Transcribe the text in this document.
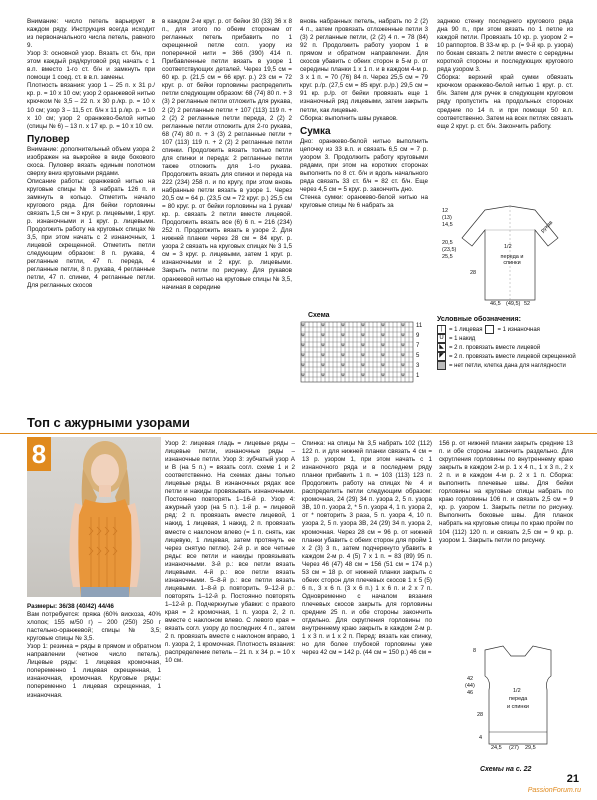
Внимание: число петель варьирует в каждом ряду. Инструкция всегда исходит из первоначального числа петель, равного 9.

Узор 3: основной узор. Вязать ст. б/н, при этом каждый ряд/круговой ряд начать с 1 в.п. вместо 1-го ст. б/н и замкнуть при помощи 1 соед. ст. в в.п. замены.

Плотность вязания: узор 1 – 25 п. х 31 р./кр. р. = 10 х 10 см; узор 2 оранжевой нитью крючком № 3,5 – 22 п. х 30 р./кр. р. = 10 х 10 см; узор 3 – 11,5 ст. б/н х 11 р./кр. р. = 10 х 10 см; узор 2 оранжево-белой нитью (спицы № 6) – 13 п. х 17 кр. р. = 10 х 10 см.

Пуловер

Внимание: дополнительный объем узора 2 изображен на выкройке в виде бокового скоса. Пуловер вязать единым полотном сверху вниз круговыми рядами.

Описание работы: оранжевой нитью на круговые спицы № 3 набрать 126 п. и замкнуть в кольцо. Отметить начало кругового ряда. Для бейки горловины связать 1,5 см = 3 круг. р. лицевыми, 1 круг. р. изнаночными и 1 круг. р. лицевыми. Продолжить работу на круговых спицах № 3,5, при этом начать с 2 изнаночных, 1 лицевой скрещенной. Отметить петли следующим образом: 8 п. рукава, 4 регланные петли, 47 п. переда, 4 регланные петли, 8 п. рукава, 4 регланные петли, 47 п. спинки, 4 регланные петли. Для регланных скосов

в каждом 2-м круг. р. от бейки 30 (33) 36 х 8 п., для этого по обеим сторонам от регланных петель прибавить по 1 скрещенной петле согл. узору из поперечной нити = 366 (390) 414 п. Прибавленные петли вязать в узоре 1 соответствующих деталей. Через 19,5 см = 60 кр. р. (21,5 см = 66 круг. р.) 23 см = 72 круг. р. от бейки горловины распределить петли следующим образом: 68 (74) 80 п. + 3 (3) 2 регланные петли отложить для рукава, 2 (2) 2 регланные петли + 107 (113) 119 п. + 2 (2) 2 регланные петли переда, 2 (2) 2 регланные петли отложить для 2-го рукава, 68 (74) 80 п. + 3 (3) 2 регланные петли + 107 (113) 119 п. + 2 (2) 2 регланные петли спинки. Продолжить вязать только петли для спинки и переда: 2 регланные петли также отложить для 1-го рукава. Продолжить вязать для спинки и переда на 222 (234) 258 п. и по кругу, при этом вновь набранные петли вязать в узоре 1. Через 20,5 см = 64 р. (23,5 см = 72 круг. р.) 25,5 см = 80 круг. р. от бейки горловины на 1 рукав/кр. р. связать 2 петли вместе лицевой. Продолжить вязать все (6) 6 п. = 216 (234) 252 п. Продолжить вязать в узоре 2. Для нижней планки через 28 см = 84 круг. р. узора 2 связать на круговых спицах № 3 1,5 см = 3 круг. р. лицевыми, затем 1 круг. р. изнаночными и 2 круг. р. лицевыми. Закрыть петли по рисунку. Для рукавов оранжевой нитью на круговые спицы № 3,5, начиная в середине

вновь набранных петель, набрать по 2 (2) 4 п., затем провязать отложенные петли 3 (3) 2 регланные петли, (2 (2) 4 п. = 78 (84) 92 п. Продолжить работу узором 1 в прямом и обратном направлении. Для скосов убавить с обеих сторон в 5-м р. от середины планки 1 х 1 п. и в каждом 4-м р. 3 х 1 п. = 70 (76) 84 п. Через 25,5 см = 79 круг. р./р. (27,5 см = 85 круг. р./р.) 29,5 см = 91 кр. р./р. от бейки провязать еще 1 изнаночный ряд лицевыми, затем закрыть петли, как лицевые.

Сборка: выполнить швы рукавов.

Сумка

Дно: оранжево-белой нитью выполнить цепочку из 33 в.п. и связать 6,5 см = 7 р. узором 3. Продолжить работу круговыми рядами, при этом на коротких сторонах выполнить по 8 ст. б/н и вдоль начального ряда связать 33 ст. б/н = 82 ст. б/н. Еще через 4,5 см = 5 круг. р. закончить дно.

Стенка сумки: оранжево-белой нитью на круговые спицы № 6 набрать за

заднюю стенку последнего кругового ряда дна 90 п., при этом вязать по 1 петле из каждой петли. Провязать 10 кр. р. узором 2 = 10 раппортов. В 33-м кр. р. (= 9-й кр. р. узора) по бокам связать 2 петли вместе с середины короткой стороны и последующих кругового ряда узором 3.

Сборка: верхний край сумки обвязать крючком оранжево-белой нитью 1 круг. р. ст. б/н. Затем для ручек в следующем круговом ряду пропустить на продольных сторонах средние по 14 п. и при помощи 50 в.п. соответственно. Затем на всех петлях связать еще 2 круг. р. ст. б/н. Закончить работу.

1/2
переда и спинки
рукав
12
(13)
14,5
28
20,5
(23,5)
25,5
46,5 (49,5) 52
Схема
U	U	U	U	U	U
U	U	U	U	U	U
U	U	U	U	U	U
U	U	U	U	U	U
U	U	U	U	U	U
U	U	U	U	U	U
11
9
7
5
3
1
Условные обозначения:
|	= 1 лицевая	= 1 изнаночная
U = 1 накид
◣ = 2 п. провязать вместе лицевой
◤ = 2 п. провязать вместе лицевой скрещенной
= нет петли, клетка дана для наглядности
Топ с ажурными узорами
8

Размеры: 36/38 (40/42) 44/46

Вам потребуется: пряжа (60% вискоза, 40% хлопок; 155 м/50 г) – 200 (250) 250 г пастельно-оранжевой; спицы № 3,5; круговые спицы № 3,5.

Узор 1: резинка = ряды в прямом и обратном направлении (четное число петель). Лицевые ряды: 1 лицевая кромочная, попеременно 1 лицевая скрещенная, 1 изнаночная, кромочная. Круговые ряды: попеременно 1 лицевая скрещенная, 1 изнаночная.

Узор 2: лицевая гладь = лицевые ряды – лицевые петли, изнаночные ряды – изнаночные петли. Узор 3: зубчатый узор A и B (на 5 п.) = вязать согл. схеме 1 и 2 соответственно. На схемах даны только лицевые ряды. В изнаночных рядах все петли и накиды провязывать изнаночными. Постоянно повторять 1–16-й р. Узор 4: ажурный узор (на 5 п.). 1-й р. = лицевой ряд: 2 п. провязать вместе лицевой, 1 накид, 1 лицевая, 1 накид, 2 п. провязать вместе с наклоном влево (= 1 п. снять, как лицевую, 1 лицевая, затем протянуть ее через снятую петлю). 2-й р. и все четные ряды: все петли и накиды провязывать изнаночными. 3-й р.: все петли вязать лицевыми. 4-й р.: все петли вязать изнаночными. 5–8-й р.: все петли вязать лицевыми. 1–8-й р. повторить. 9–12-й р.: повторять 1–12-й р. Постоянно повторять 1–12-й р. Подчеркнутые убавки: с правого края = 2 кромочная, 1 п. узора 2, 2 п. вместе с наклоном влево. С левого края = вязать согл. узору до последних 4 п., затем 2 п. провязать вместе с наклоном вправо, 1 п. узора 2, 1 кромочная. Плотность вязания: распределение петель – 21 п. х 34 р. = 10 х 10 см.

Спинка: на спицы № 3,5 набрать 102 (112) 122 п. и для нижней планки связать 4 см = 13 р. узором 1, при этом начать с 1 изнаночного ряда и в последнем ряду планки прибавить 1 п. = 103 (113) 123 п. Продолжить работу на спицах № 4 и распределить петли следующим образом: кромочная, 24 (29) 34 п. узора 2, 5 п. узора 3B, 10 п. узора 2, * 5 п. узора 4, 1 п. узора 2, от * повторить 3 раза, 5 п. узора 4, 10 п. узора 2, 5 п. узора 3B, 24 (29) 34 п. узора 2, кромочная. Через 28 см = 96 р. от нижней планки убавить с обеих сторон для пройм 1 х 2 (3) 3 п., затем подчеркнуто убавить в каждом 2-м р. 4 (5) 7 х 1 п. = 83 (89) 95 п. Через 46 (47) 48 см = 156 (51 см = 174 р.) 53 см = 18 р. от нижней планки закрыть с обеих сторон для плечевых скосов 1 х 5 (5) 6 п., 3 х 6 п. (3 х 6 п.) 1 х 6 п. и 2 х 7 п. Одновременно с началом вязания плечевых скосов закрыть для горловины средние 25 п. и обе стороны закончить отдельно. Для скругления горловины по внутреннему краю закрыть в каждом 2-м р. 1 х 3 п. и 1 х 2 п. Перед: вязать как спинку, но для более глубокой горловины уже через 42 см = 142 р. (44 см = 150 р.) 46 см =

156 р. от нижней планки закрыть средние 13 п. и обе стороны закончить раздельно. Для скругления горловины по внутреннему краю закрыть в каждом 2-м р. 1 х 4 п., 1 х 3 п., 2 х 2 п. и в каждом 4-м р. 2 х 1 п. Сборка: выполнить плечевые швы. Для бейки горловины на круговые спицы набрать по краю горловины 106 п. и связать 2,5 см = 9 кр. р. узором 1. Закрыть петли по рисунку. Выполнить боковые швы. Для планок набрать на круговые спицы по краю пройм по 104 (112) 120 п. и связать 2,5 см = 9 кр. р. узором 1. Закрыть петли по рисунку.

1/2
переда
и спинки
8
42
(44)
46
28
4
24,5 (27) 29,5
Схемы на с. 22
21
PassionForum.ru
